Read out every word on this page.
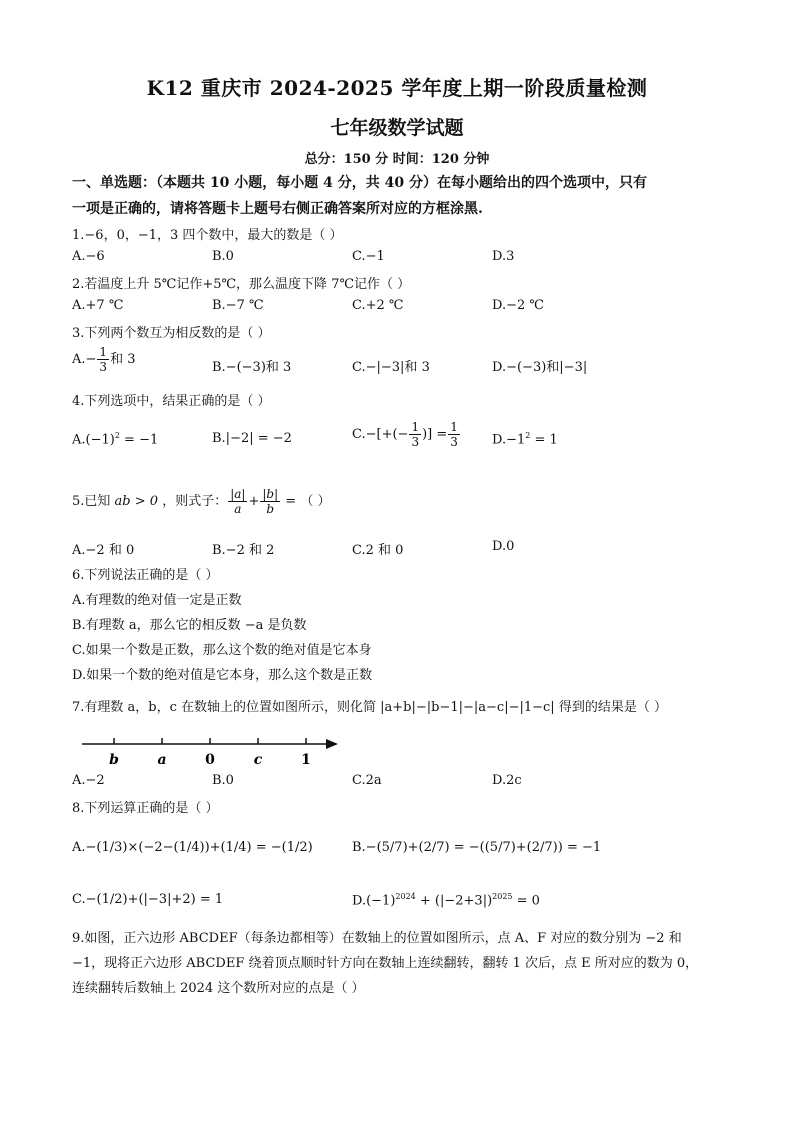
K12 重庆市 2024-2025 学年度上期一阶段质量检测
七年级数学试题
总分：150 分 时间：120 分钟
一、单选题：（本题共 10 小题，每小题 4 分，共 40 分）在每小题给出的四个选项中，只有
一项是正确的，请将答题卡上题号右侧正确答案所对应的方框涂黑.
1.−6，0，−1，3 四个数中，最大的数是（ ）
A.−6	B.0	C.−1	D.3
2.若温度上升 5℃记作+5℃，那么温度下降 7℃记作（ ）
A.+7 ℃	B.−7 ℃	C.+2 ℃	D.−2 ℃
3.下列两个数互为相反数的是（ ）
$A.- \frac{1}{3}$ 和 3
B.−(−3)和 3	C.−|−3|和 3	D.−(−3)和|−3|
4.下列选项中，结果正确的是（ ）
$A.(-1)^2 = -1$	B.|−2| = −2	$C.-[+(- \frac{1}{3}$ )] = $\frac{1}{3} D.-1^2 = 1$
5.已知 ab > 0 ，则式子： $\frac{|a|}{a} + \frac{|b|}{b}$ = （ ）
A.−2 和 0	B.−2 和 2	C.2 和 0	D.0
6.下列说法正确的是（ ）
A.有理数的绝对值一定是正数
B.有理数 a，那么它的相反数 −a 是负数
C.如果一个数是正数，那么这个数的绝对值是它本身
D.如果一个数的绝对值是它本身，那么这个数是正数
7.有理数 a，b，c 在数轴上的位置如图所示，则化简 |a+b|−|b−1|−|a−c|−|1−c| 得到的结果是（ ）
b	a	0	c	1
A.−2	B.0	C.2a	D.2c
8.下列运算正确的是（ ）
A.−(1/3)×(−2−(1/4))+(1/4) = −(1/2)	B.−(5/7)+(2/7) = −((5/7)+(2/7)) = −1
C.−(1/2)+(|−3|+2) = 1	$D.(-1)^{2024} + (|-2+3|)^{2025} = 0$
9.如图，正六边形 ABCDEF（每条边都相等）在数轴上的位置如图所示，点 A、F 对应的数分别为 −2 和
−1，现将正六边形 ABCDEF 绕着顶点顺时针方向在数轴上连续翻转，翻转 1 次后，点 E 所对应的数为 0，
连续翻转后数轴上 2024 这个数所对应的点是（ ）
